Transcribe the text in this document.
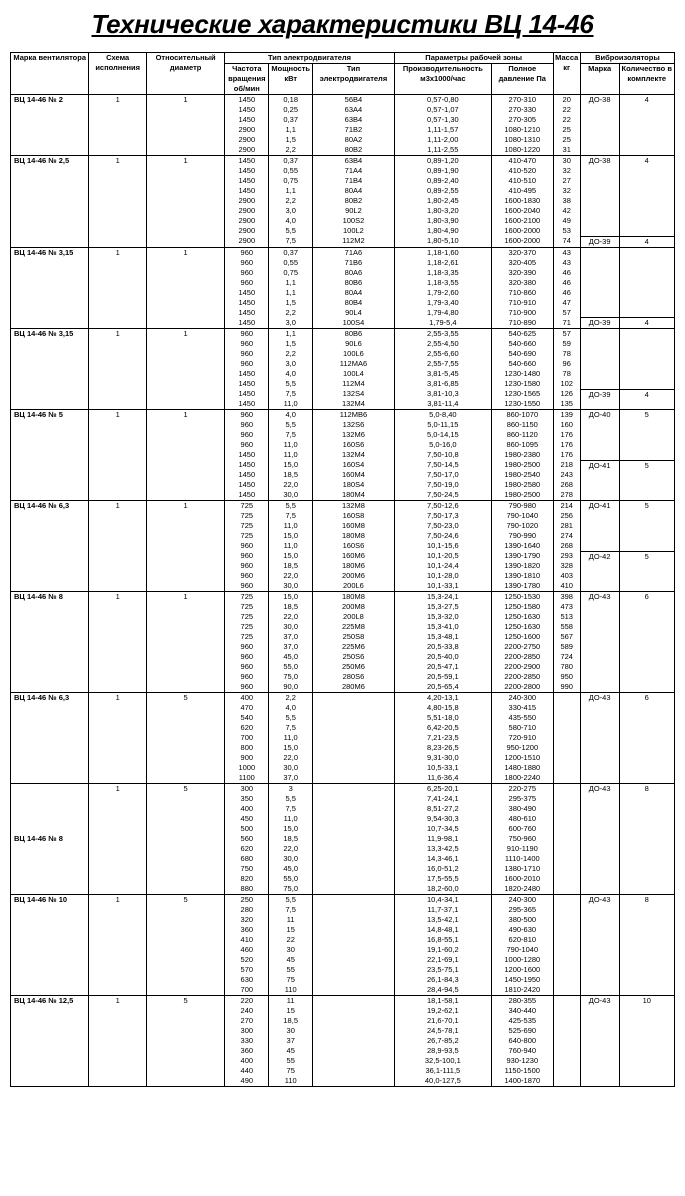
Технические характеристики ВЦ 14-46
Марка вентилятора	Схема исполнения	Относительный диаметр	Тип электродвигателя			Параметры рабочей зоны		Масса кг	Виброизоляторы	
			Частота вращения об/мин	Мощность кВт	Тип электродвигателя	Производительность м3х1000/час	Полное давление Па		Марка	Количество в комплекте
ВЦ 14-46 № 2	1	1	1450	0,18	56В4	0,57-0,80	270-310	20	ДО-38	4
			1450	0,25	63А4	0,57-1,07	270-330	22		
			1450	0,37	63В4	0,57-1,30	270-305	22		
			2900	1,1	71В2	1,11-1,57	1080-1210	25		
			2900	1,5	80А2	1,11-2,00	1080-1310	25		
			2900	2,2	80В2	1,11-2,55	1080-1220	31		
ВЦ 14-46 № 2,5	1	1	1450	0,37	63В4	0,89-1,20	410-470	30	ДО-38	4
			1450	0,55	71А4	0,89-1,90	410-520	32		
			1450	0,75	71В4	0,89-2,40	410-510	27		
			1450	1,1	80А4	0,89-2,55	410-495	32		
			2900	2,2	80В2	1,80-2,45	1600-1830	38		
			2900	3,0	90L2	1,80-3,20	1600-2040	42		
			2900	4,0	100S2	1,80-3,90	1600-2100	49		
			2900	5,5	100L2	1,80-4,90	1600-2000	53		
			2900	7,5	112М2	1,80-5,10	1600-2000	74	ДО-39	4
ВЦ 14-46 № 3,15	1	1	960	0,37	71А6	1,18-1,60	320-370	43		
			960	0,55	71В6	1,18-2,61	320-405	43		
			960	0,75	80А6	1,18-3,35	320-390	46		
			960	1,1	80В6	1,18-3,55	320-380	46		
			1450	1,1	80А4	1,79-2,60	710-860	46		
			1450	1,5	80В4	1,79-3,40	710-910	47		
			1450	2,2	90L4	1,79-4,80	710-900	57		
			1450	3,0	100S4	1,79-5,4	710-890	71	ДО-39	4
ВЦ 14-46 № 3,15	1	1	960	1,1	80В6	2,55-3,55	540-625	57		
			960	1,5	90L6	2,55-4,50	540-660	59		
			960	2,2	100L6	2,55-6,60	540-690	78		
			960	3,0	112МА6	2,55-7,55	540-660	96		
			1450	4,0	100L4	3,81-5,45	1230-1480	78		
			1450	5,5	112М4	3,81-6,85	1230-1580	102		
			1450	7,5	132S4	3,81-10,3	1230-1565	126	ДО-39	4
			1450	11,0	132М4	3,81-11,4	1230-1550	135		
ВЦ 14-46 № 5	1	1	960	4,0	112МВ6	5,0-8,40	860-1070	139	ДО-40	5
			960	5,5	132S6	5,0-11,15	860-1150	160		
			960	7,5	132М6	5,0-14,15	860-1120	176		
			960	11,0	160S6	5,0-16,0	860-1095	176		
			1450	11,0	132М4	7,50-10,8	1980-2380	176		
			1450	15,0	160S4	7,50-14,5	1980-2500	218	ДО-41	5
			1450	18,5	160М4	7,50-17,0	1980-2540	243		
			1450	22,0	180S4	7,50-19,0	1980-2580	268		
			1450	30,0	180М4	7,50-24,5	1980-2500	278		
ВЦ 14-46 № 6,3	1	1	725	5,5	132М8	7,50-12,6	790-980	214	ДО-41	5
			725	7,5	160S8	7,50-17,3	790-1040	256		
			725	11,0	160М8	7,50-23,0	790-1020	281		
			725	15,0	180М8	7,50-24,6	790-990	274		
			960	11,0	160S6	10,1-15,6	1390-1640	268		
			960	15,0	160М6	10,1-20,5	1390-1790	293	ДО-42	5
			960	18,5	180М6	10,1-24,4	1390-1820	328		
			960	22,0	200М6	10,1-28,0	1390-1810	403		
			960	30,0	200L6	10,1-33,1	1390-1780	410		
ВЦ 14-46 № 8	1	1	725	15,0	180М8	15,3-24,1	1250-1530	398	ДО-43	6
			725	18,5	200М8	15,3-27,5	1250-1580	473		
			725	22,0	200L8	15,3-32,0	1250-1630	513		
			725	30,0	225М8	15,3-41,0	1250-1630	558		
			725	37,0	250S8	15,3-48,1	1250-1600	567		
			960	37,0	225М6	20,5-33,8	2200-2750	589		
			960	45,0	250S6	20,5-40,0	2200-2850	724		
			960	55,0	250М6	20,5-47,1	2200-2900	780		
			960	75,0	280S6	20,5-59,1	2200-2850	950		
			960	90,0	280М6	20,5-65,4	2200-2800	990		
ВЦ 14-46 № 6,3	1	5	400	2,2		4,20-13,1	240-300		ДО-43	6
			470	4,0		4,80-15,8	330-415			
			540	5,5		5,51-18,0	435-550			
			620	7,5		6,42-20,5	580-710			
			700	11,0		7,21-23,5	720-910			
			800	15,0		8,23-26,5	950-1200			
			900	22,0		9,31-30,0	1200-1510			
			1000	30,0		10,5-33,1	1480-1880			
			1100	37,0		11,6-36,4	1800-2240			
ВЦ 14-46 № 8	1	5	300	3		6,25-20,1	220-275		ДО-43	8
			350	5,5		7,41-24,1	295-375			
			400	7,5		8,51-27,2	380-490			
			450	11,0		9,54-30,3	480-610			
			500	15,0		10,7-34,5	600-760			
			560	18,5		11,9-98,1	750-960			
			620	22,0		13,3-42,5	910-1190			
			680	30,0		14,3-46,1	1110-1400			
			750	45,0		16,0-51,2	1380-1710			
			820	55,0		17,5-55,5	1600-2010			
			880	75,0		18,2-60,0	1820-2480			
ВЦ 14-46 № 10	1	5	250	5,5		10,4-34,1	240-300		ДО-43	8
			280	7,5		11,7-37,1	295-365			
			320	11		13,5-42,1	380-500			
			360	15		14,8-48,1	490-630			
			410	22		16,8-55,1	620-810			
			460	30		19,1-60,2	790-1040			
			520	45		22,1-69,1	1000-1280			
			570	55		23,5-75,1	1200-1600			
			630	75		26,1-84,3	1450-1950			
			700	110		28,4-94,5	1810-2420			
ВЦ 14-46 № 12,5	1	5	220	11		18,1-58,1	280-355		ДО-43	10
			240	15		19,2-62,1	340-440			
			270	18,5		21,6-70,1	425-535			
			300	30		24,5-78,1	525-690			
			330	37		26,7-85,2	640-800			
			360	45		28,9-93,5	760-940			
			400	55		32,5-100,1	930-1230			
			440	75		36,1-111,5	1150-1500			
			490	110		40,0-127,5	1400-1870			
